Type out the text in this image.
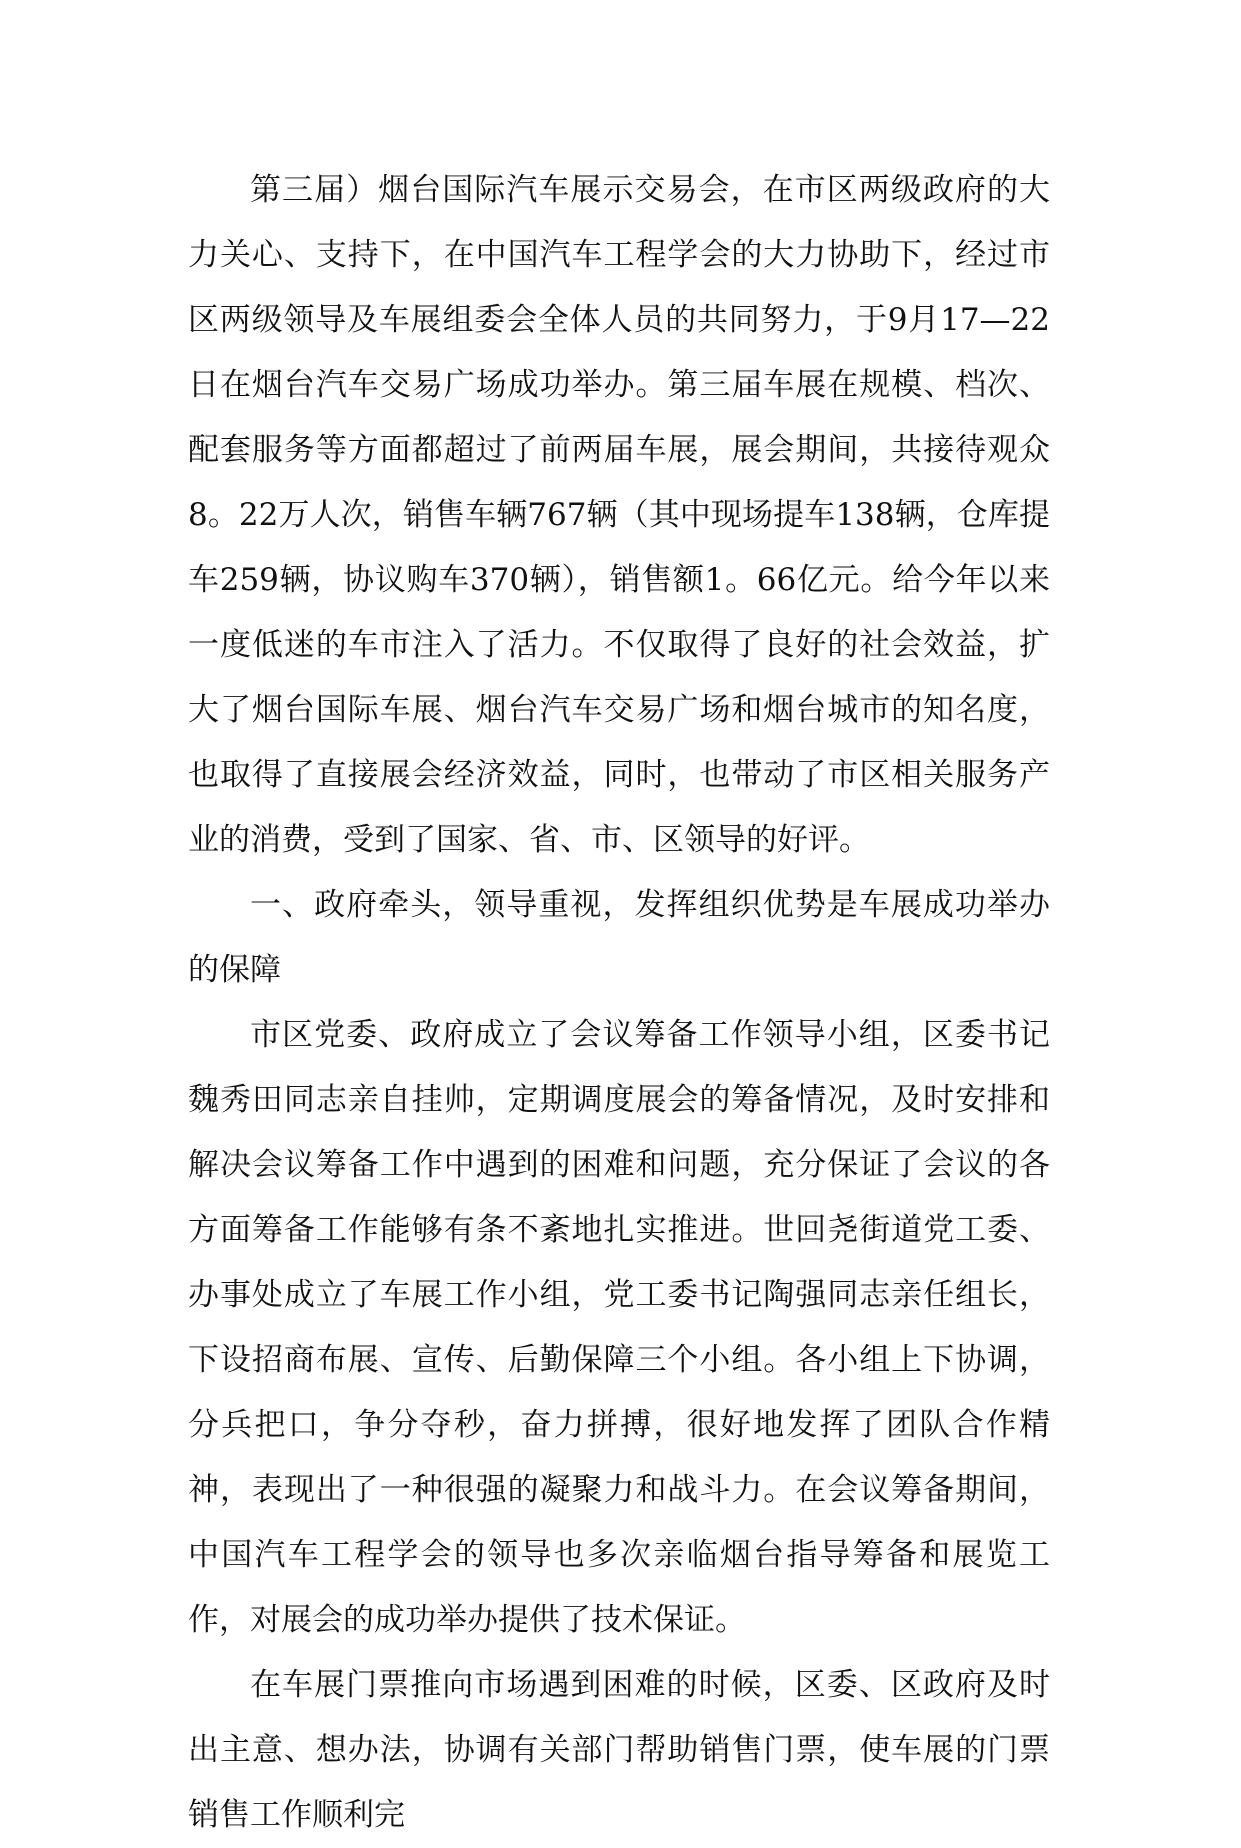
第三届）烟台国际汽车展示交易会，在市区两级政府的大力关心、支持下，在中国汽车工程学会的大力协助下，经过市区两级领导及车展组委会全体人员的共同努力，于9月17—22日在烟台汽车交易广场成功举办。第三届车展在规模、档次、配套服务等方面都超过了前两届车展，展会期间，共接待观众8。22万人次，销售车辆767辆（其中现场提车138辆，仓库提车259辆，协议购车370辆），销售额1。66亿元。给今年以来一度低迷的车市注入了活力。不仅取得了良好的社会效益，扩大了烟台国际车展、烟台汽车交易广场和烟台城市的知名度，也取得了直接展会经济效益，同时，也带动了市区相关服务产业的消费，受到了国家、省、市、区领导的好评。

一、政府牵头，领导重视，发挥组织优势是车展成功举办的保障

市区党委、政府成立了会议筹备工作领导小组，区委书记魏秀田同志亲自挂帅，定期调度展会的筹备情况，及时安排和解决会议筹备工作中遇到的困难和问题，充分保证了会议的各方面筹备工作能够有条不紊地扎实推进。世回尧街道党工委、办事处成立了车展工作小组，党工委书记陶强同志亲任组长，下设招商布展、宣传、后勤保障三个小组。各小组上下协调，分兵把口，争分夺秒，奋力拼搏，很好地发挥了团队合作精神，表现出了一种很强的凝聚力和战斗力。在会议筹备期间，中国汽车工程学会的领导也多次亲临烟台指导筹备和展览工作，对展会的成功举办提供了技术保证。

在车展门票推向市场遇到困难的时候，区委、区政府及时出主意、想办法，协调有关部门帮助销售门票，使车展的门票销售工作顺利完
